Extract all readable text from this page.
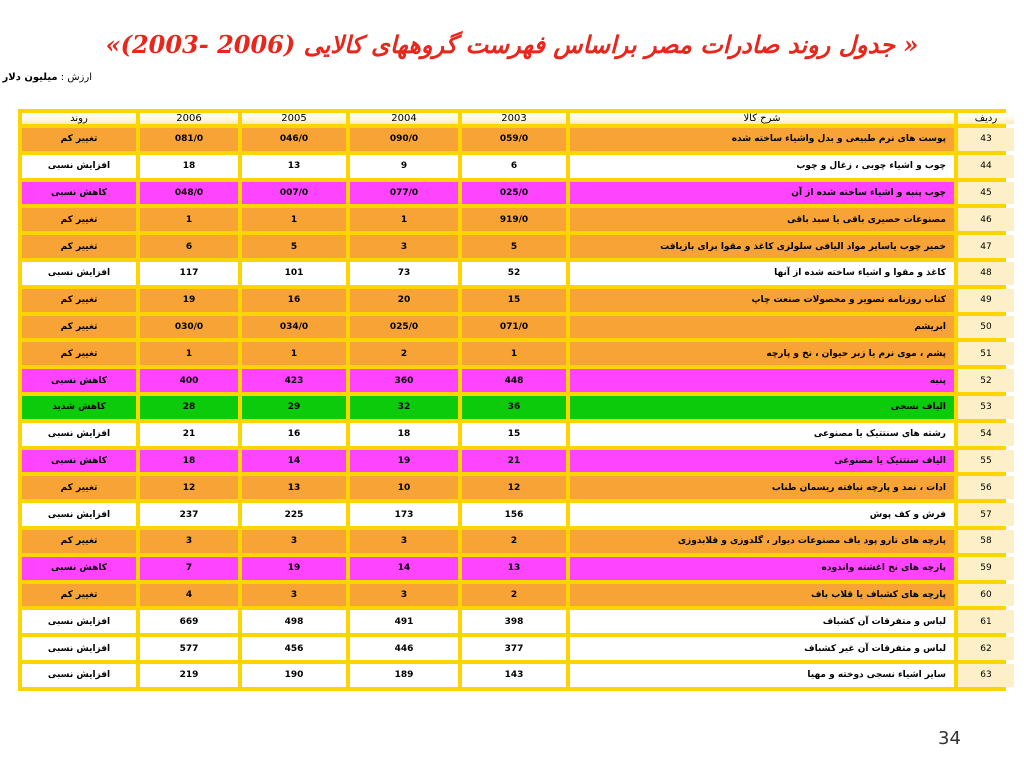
« جدول روند صادرات مصر براساس فهرست گروههای کالایی (2006 -2003)»
ارزش : میلیون دلار
ردیف	شرح کالا	2003	2004	2005	2006	روند
43	پوست های نرم طبیعی و بدل واشیاء ساخته شده	059/0	090/0	046/0	081/0	تغییر کم
44	چوب و اشیاء چوبی ، زغال و چوب	6	9	13	18	افزایش نسبی
45	چوب پنبه و اشیاء ساخته شده از آن	025/0	077/0	007/0	048/0	کاهش نسبی
46	مصنوعات حصیری باقی یا سبد باقی	919/0	1	1	1	تغییر کم
47	خمیر چوب یاسایر مواد الیافی سلولزی کاغذ و مقوا برای بازیافت	5	3	5	6	تغییر کم
48	کاغذ و مقوا و اشیاء ساخته شده از آنها	52	73	101	117	افزایش نسبی
49	کتاب روزنامه تصویر و محصولات صنعت چاپ	15	20	16	19	تغییر کم
50	ابریشم	071/0	025/0	034/0	030/0	تغییر کم
51	پشم ، موی نرم یا زبر حیوان ، نخ و پارچه	1	2	1	1	تغییر کم
52	پنبه	448	360	423	400	کاهش نسبی
53	الیاف نسجی	36	32	29	28	کاهش شدید
54	رشته های سنتتیک یا مصنوعی	15	18	16	21	افزایش نسبی
55	الیاف سنتتیک یا مصنوعی	21	19	14	18	کاهش نسبی
56	ادات ، نمد و پارچه نبافته ریسمان طناب	12	10	13	12	تغییر کم
57	فرش و کف پوش	156	173	225	237	افزایش نسبی
58	پارچه های تارو پود باف مصنوعات دیوار ، گلدوزی و قلابدوزی	2	3	3	3	تغییر کم
59	پارچه های نخ اغشته واندوده	13	14	19	7	کاهش نسبی
60	پارچه های کشباف یا قلاب باف	2	3	3	4	تغییر کم
61	لباس و متفرقات آن کشباف	398	491	498	669	افزایش نسبی
62	لباس و متفرقات آن غیر کشباف	377	446	456	577	افزایش نسبی
63	سایر اشیاء نسجی دوخته و مهیا	143	189	190	219	افزایش نسبی
34
